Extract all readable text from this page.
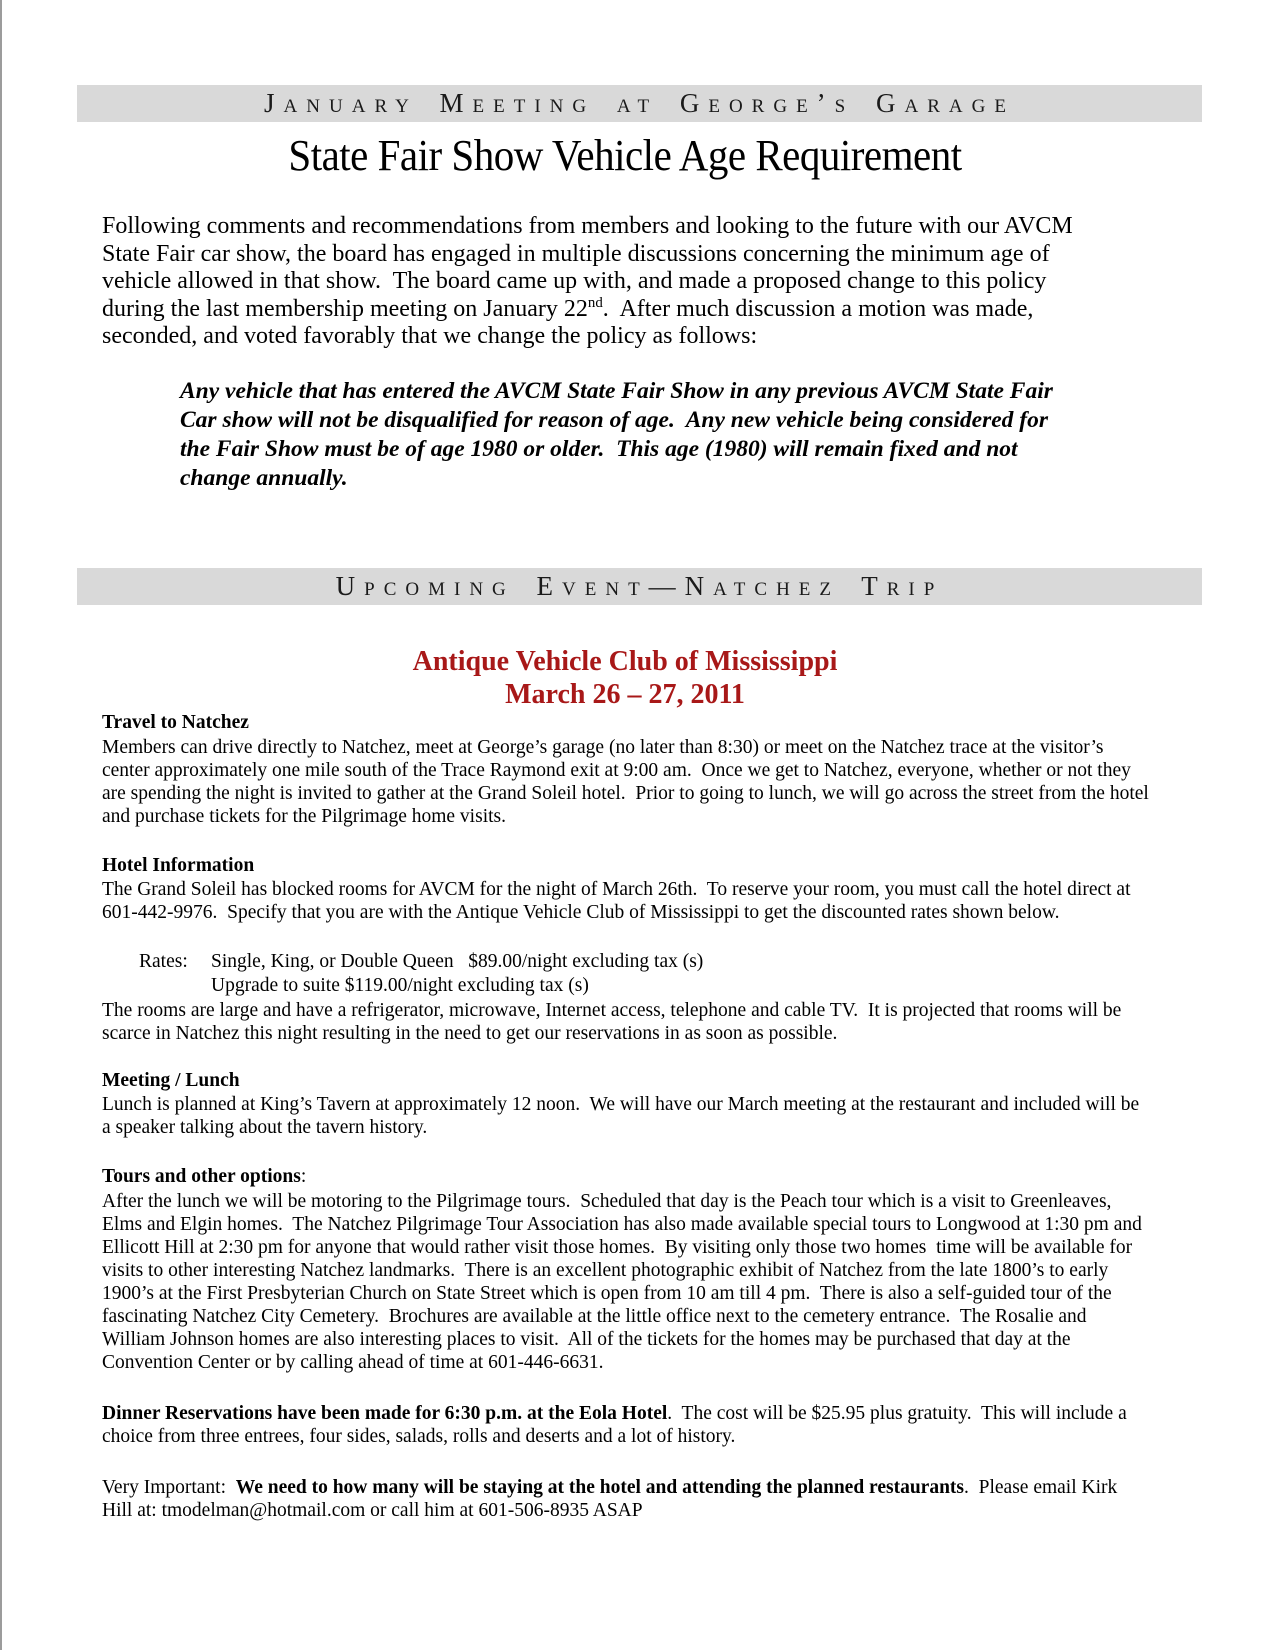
January Meeting at George’s Garage
State Fair Show Vehicle Age Requirement

Following comments and recommendations from members and looking to the future with our AVCM State Fair car show, the board has engaged in multiple discussions concerning the minimum age of vehicle allowed in that show.  The board came up with, and made a proposed change to this policy during the last membership meeting on January 22nd.  After much discussion a motion was made, seconded, and voted favorably that we change the policy as follows:

Any vehicle that has entered the AVCM State Fair Show in any previous AVCM State Fair Car show will not be disqualified for reason of age.  Any new vehicle being considered for the Fair Show must be of age 1980 or older.  This age (1980) will remain fixed and not change annually.

Upcoming Event—Natchez Trip
Antique Vehicle Club of Mississippi
March 26 – 27, 2011
Travel to Natchez

Members can drive directly to Natchez, meet at George’s garage (no later than 8:30) or meet on the Natchez trace at the visitor’s center approximately one mile south of the Trace Raymond exit at 9:00 am.  Once we get to Natchez, everyone, whether or not they are spending the night is invited to gather at the Grand Soleil hotel.  Prior to going to lunch, we will go across the street from the hotel and purchase tickets for the Pilgrimage home visits.

Hotel Information

The Grand Soleil has blocked rooms for AVCM for the night of March 26th.  To reserve your room, you must call the hotel direct at 601-442-9976.  Specify that you are with the Antique Vehicle Club of Mississippi to get the discounted rates shown below.

Rates:	Single, King, or Double Queen   $89.00/night excluding tax (s)
Upgrade to suite $119.00/night excluding tax (s)

The rooms are large and have a refrigerator, microwave, Internet access, telephone and cable TV.  It is projected that rooms will be scarce in Natchez this night resulting in the need to get our reservations in as soon as possible.

Meeting / Lunch

Lunch is planned at King’s Tavern at approximately 12 noon.  We will have our March meeting at the restaurant and included will be a speaker talking about the tavern history.

Tours and other options:

After the lunch we will be motoring to the Pilgrimage tours.  Scheduled that day is the Peach tour which is a visit to Greenleaves, Elms and Elgin homes.  The Natchez Pilgrimage Tour Association has also made available special tours to Longwood at 1:30 pm and Ellicott Hill at 2:30 pm for anyone that would rather visit those homes.  By visiting only those two homes  time will be available for visits to other interesting Natchez landmarks.  There is an excellent photographic exhibit of Natchez from the late 1800’s to early 1900’s at the First Presbyterian Church on State Street which is open from 10 am till 4 pm.  There is also a self-guided tour of the fascinating Natchez City Cemetery.  Brochures are available at the little office next to the cemetery entrance.  The Rosalie and William Johnson homes are also interesting places to visit.  All of the tickets for the homes may be purchased that day at the Convention Center or by calling ahead of time at 601-446-6631.

Dinner Reservations have been made for 6:30 p.m. at the Eola Hotel.  The cost will be $25.95 plus gratuity.  This will include a choice from three entrees, four sides, salads, rolls and deserts and a lot of history.

Very Important:  We need to how many will be staying at the hotel and attending the planned restaurants.  Please email Kirk Hill at: tmodelman@hotmail.com or call him at 601-506-8935 ASAP
